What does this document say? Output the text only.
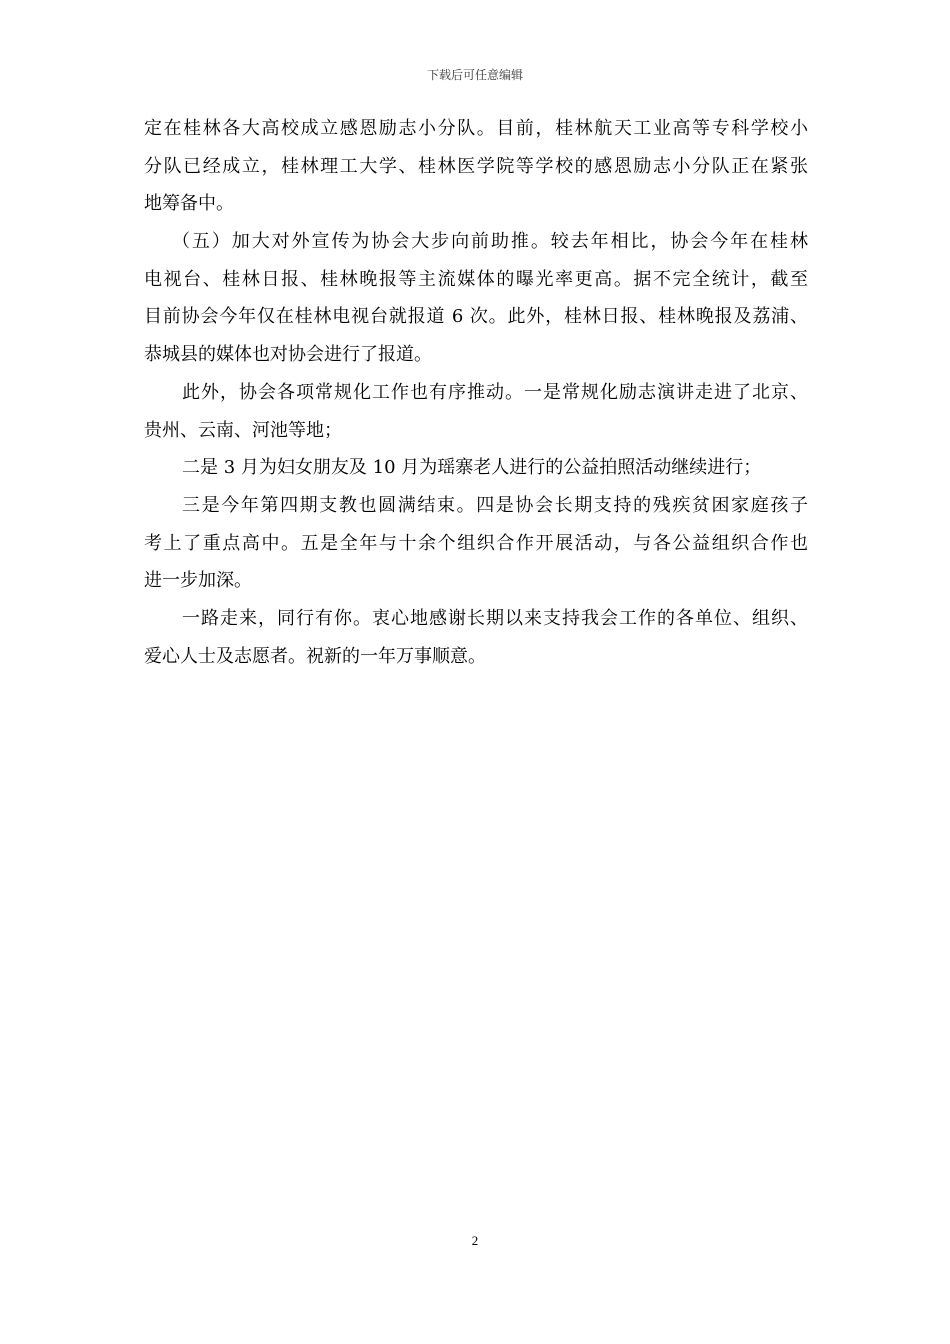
下载后可任意编辑
定在桂林各大高校成立感恩励志小分队。目前，桂林航天工业高等专科学校小
分队已经成立，桂林理工大学、桂林医学院等学校的感恩励志小分队正在紧张
地筹备中。
（五）加大对外宣传为协会大步向前助推。较去年相比，协会今年在桂林
电视台、桂林日报、桂林晚报等主流媒体的曝光率更高。据不完全统计，截至
目前协会今年仅在桂林电视台就报道 6 次。此外，桂林日报、桂林晚报及荔浦、
恭城县的媒体也对协会进行了报道。
此外，协会各项常规化工作也有序推动。一是常规化励志演讲走进了北京、
贵州、云南、河池等地；
二是 3 月为妇女朋友及 10 月为瑶寨老人进行的公益拍照活动继续进行；
三是今年第四期支教也圆满结束。四是协会长期支持的残疾贫困家庭孩子
考上了重点高中。五是全年与十余个组织合作开展活动，与各公益组织合作也
进一步加深。
一路走来，同行有你。衷心地感谢长期以来支持我会工作的各单位、组织、
爱心人士及志愿者。祝新的一年万事顺意。
2
